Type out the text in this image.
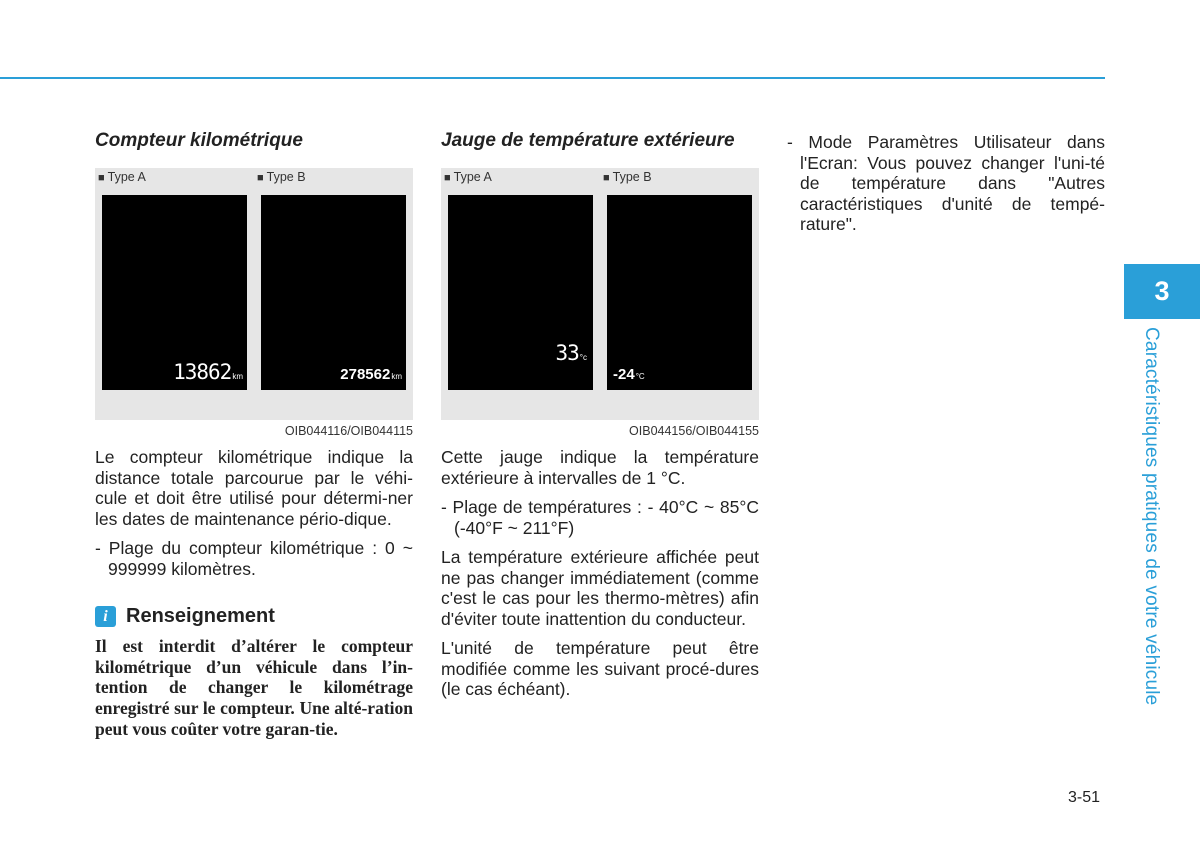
Compteur kilométrique
■ Type A	■ Type B
13862km	278562km
OIB044116/OIB044115

Le compteur kilométrique indique la distance totale parcourue par le véhi-cule et doit être utilisé pour détermi-ner les dates de maintenance pério-dique.

- Plage du compteur kilométrique : 0 ~ 999999 kilomètres.

i Renseignement
Il est interdit d’altérer le compteur kilométrique d’un véhicule dans l’in-tention de changer le kilométrage enregistré sur le compteur. Une alté-ration peut vous coûter votre garan-tie.
Jauge de température extérieure
■ Type A	■ Type B
33°c
-24°C
OIB044156/OIB044155

Cette jauge indique la température extérieure à intervalles de 1 °C.

- Plage de températures : - 40°C ~ 85°C (-40°F ~ 211°F)

La température extérieure affichée peut ne pas changer immédiatement (comme c'est le cas pour les thermo-mètres) afin d'éviter toute inattention du conducteur.

L'unité de température peut être modifiée comme les suivant procé-dures (le cas échéant).

- Mode Paramètres Utilisateur dans l'Ecran: Vous pouvez changer l'uni-té de température dans "Autres caractéristiques d'unité de tempé-rature".

3
Caractéristiques pratiques de votre véhicule
3-51
